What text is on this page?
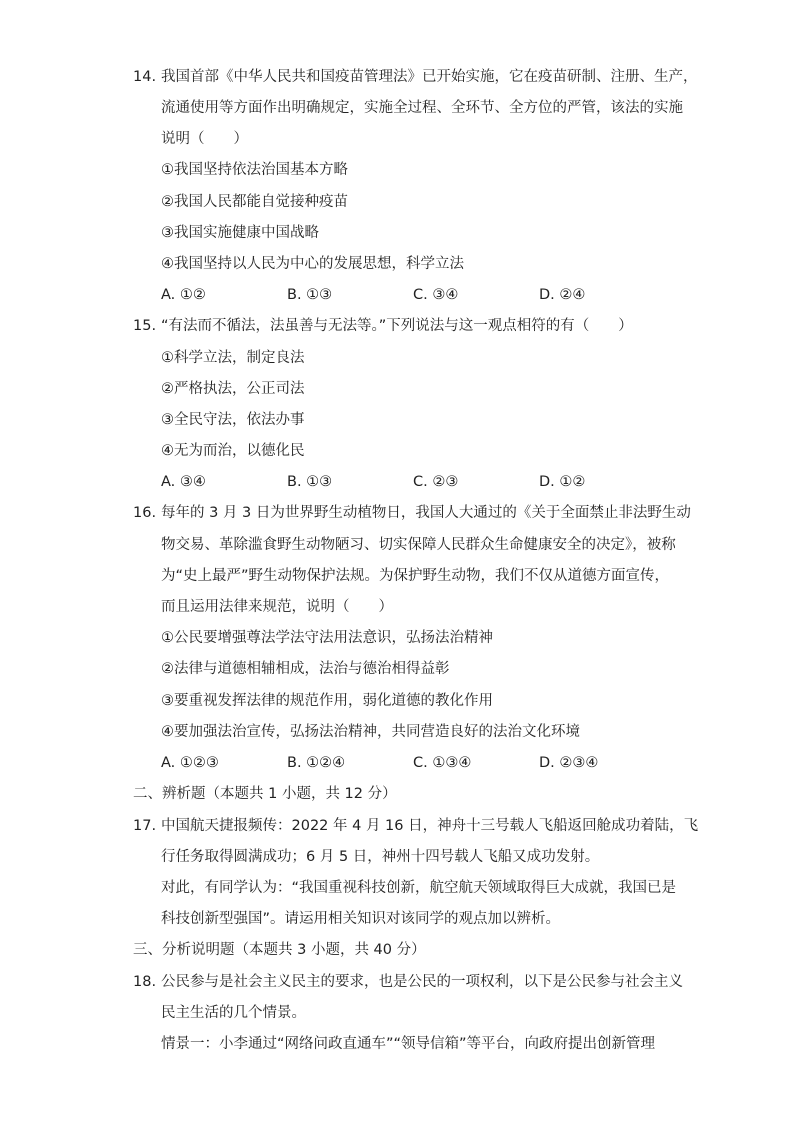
14. 我国首部《中华人民共和国疫苗管理法》已开始实施，它在疫苗研制、注册、生产，
流通使用等方面作出明确规定，实施全过程、全环节、全方位的严管，该法的实施
说明（　　）
①我国坚持依法治国基本方略
②我国人民都能自觉接种疫苗
③我国实施健康中国战略
④我国坚持以人民为中心的发展思想，科学立法
A. ①②	B. ①③	C. ③④	D. ②④
15. “有法而不循法，法虽善与无法等。”下列说法与这一观点相符的有（　　）
①科学立法，制定良法
②严格执法，公正司法
③全民守法，依法办事
④无为而治，以德化民
A. ③④	B. ①③	C. ②③	D. ①②
16. 每年的 3 月 3 日为世界野生动植物日，我国人大通过的《关于全面禁止非法野生动
物交易、革除滥食野生动物陋习、切实保障人民群众生命健康安全的决定》，被称
为“史上最严”野生动物保护法规。为保护野生动物，我们不仅从道德方面宣传，
而且运用法律来规范，说明（　　）
①公民要增强尊法学法守法用法意识，弘扬法治精神
②法律与道德相辅相成，法治与德治相得益彰
③要重视发挥法律的规范作用，弱化道德的教化作用
④要加强法治宣传，弘扬法治精神，共同营造良好的法治文化环境
A. ①②③	B. ①②④	C. ①③④	D. ②③④
二、辨析题（本题共 1 小题，共 12 分）
17. 中国航天捷报频传：2022 年 4 月 16 日，神舟十三号载人飞船返回舱成功着陆，飞
行任务取得圆满成功；6 月 5 日，神州十四号载人飞船又成功发射。
对此，有同学认为：“我国重视科技创新，航空航天领域取得巨大成就，我国已是
科技创新型强国”。请运用相关知识对该同学的观点加以辨析。
三、分析说明题（本题共 3 小题，共 40 分）
18. 公民参与是社会主义民主的要求，也是公民的一项权利，以下是公民参与社会主义
民主生活的几个情景。
情景一：小李通过“网络问政直通车”“领导信箱”等平台，向政府提出创新管理
